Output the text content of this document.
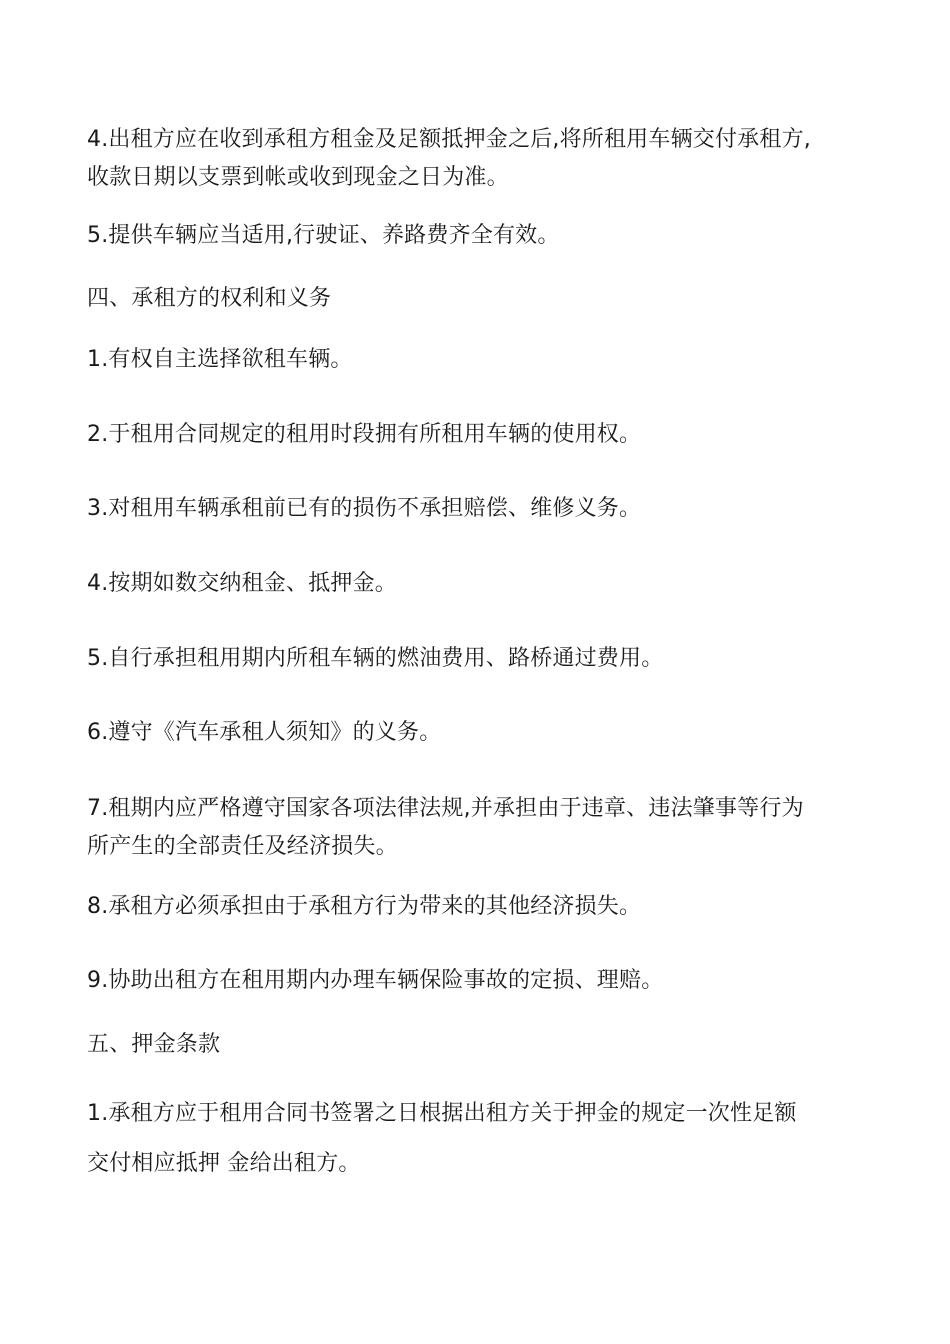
4.出租方应在收到承租方租金及足额抵押金之后,将所租用车辆交付承租方,
收款日期以支票到帐或收到现金之日为准。

5.提供车辆应当适用,行驶证、养路费齐全有效。

四、承租方的权利和义务

1.有权自主选择欲租车辆。

2.于租用合同规定的租用时段拥有所租用车辆的使用权。

3.对租用车辆承租前已有的损伤不承担赔偿、维修义务。

4.按期如数交纳租金、抵押金。

5.自行承担租用期内所租车辆的燃油费用、路桥通过费用。

6.遵守《汽车承租人须知》的义务。

7.租期内应严格遵守国家各项法律法规,并承担由于违章、违法肇事等行为
所产生的全部责任及经济损失。

8.承租方必须承担由于承租方行为带来的其他经济损失。

9.协助出租方在租用期内办理车辆保险事故的定损、理赔。

五、押金条款

1.承租方应于租用合同书签署之日根据出租方关于押金的规定一次性足额
交付相应抵押 金给出租方。
